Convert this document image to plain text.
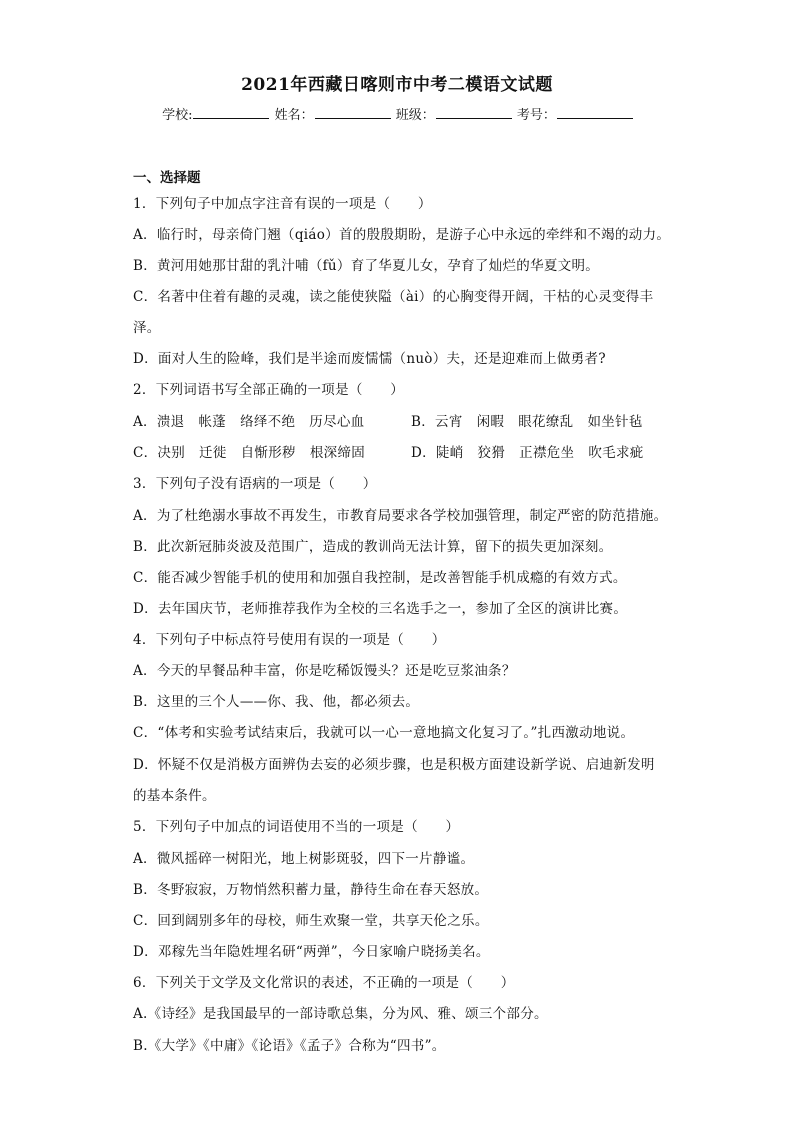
2021年西藏日喀则市中考二模语文试题
学校:	姓名：	班级：	考号：
一、选择题
1．下列句子中加点字注音有误的一项是（　　）
A．临行时，母亲倚门翘（qiáo）首的殷殷期盼，是游子心中永远的牵绊和不竭的动力。
B．黄河用她那甘甜的乳汁哺（fǔ）育了华夏儿女，孕育了灿烂的华夏文明。
C．名著中住着有趣的灵魂，读之能使狭隘（ài）的心胸变得开阔，干枯的心灵变得丰
泽。
D．面对人生的险峰，我们是半途而废懦懦（nuò）夫，还是迎难而上做勇者?
2．下列词语书写全部正确的一项是（　　）
A．溃退 帐蓬 络绎不绝 历尽心血	B．云宵 闲暇 眼花缭乱 如坐针毡
C．决别 迁徙 自惭形秽 根深缔固	D．陡峭 狡猾 正襟危坐 吹毛求疵
3．下列句子没有语病的一项是（　　）
A．为了杜绝溺水事故不再发生，市教育局要求各学校加强管理，制定严密的防范措施。
B．此次新冠肺炎波及范围广，造成的教训尚无法计算，留下的损失更加深刻。
C．能否减少智能手机的使用和加强自我控制，是改善智能手机成瘾的有效方式。
D．去年国庆节，老师推荐我作为全校的三名选手之一，参加了全区的演讲比赛。
4．下列句子中标点符号使用有误的一项是（　　）
A．今天的早餐品种丰富，你是吃稀饭馒头？还是吃豆浆油条？
B．这里的三个人——你、我、他，都必须去。
C．“体考和实验考试结束后，我就可以一心一意地搞文化复习了。”扎西激动地说。
D．怀疑不仅是消极方面辨伪去妄的必须步骤，也是积极方面建设新学说、启迪新发明
的基本条件。
5．下列句子中加点的词语使用不当的一项是（　　）
A．微风摇碎一树阳光，地上树影斑驳，四下一片静谧。
B．冬野寂寂，万物悄然积蓄力量，静待生命在春天怒放。
C．回到阔别多年的母校，师生欢聚一堂，共享天伦之乐。
D．邓稼先当年隐姓埋名研“两弹”，今日家喻户晓扬美名。
6．下列关于文学及文化常识的表述，不正确的一项是（　　）
A.《诗经》是我国最早的一部诗歌总集，分为风、雅、颂三个部分。
B.《大学》《中庸》《论语》《孟子》合称为“四书”。
